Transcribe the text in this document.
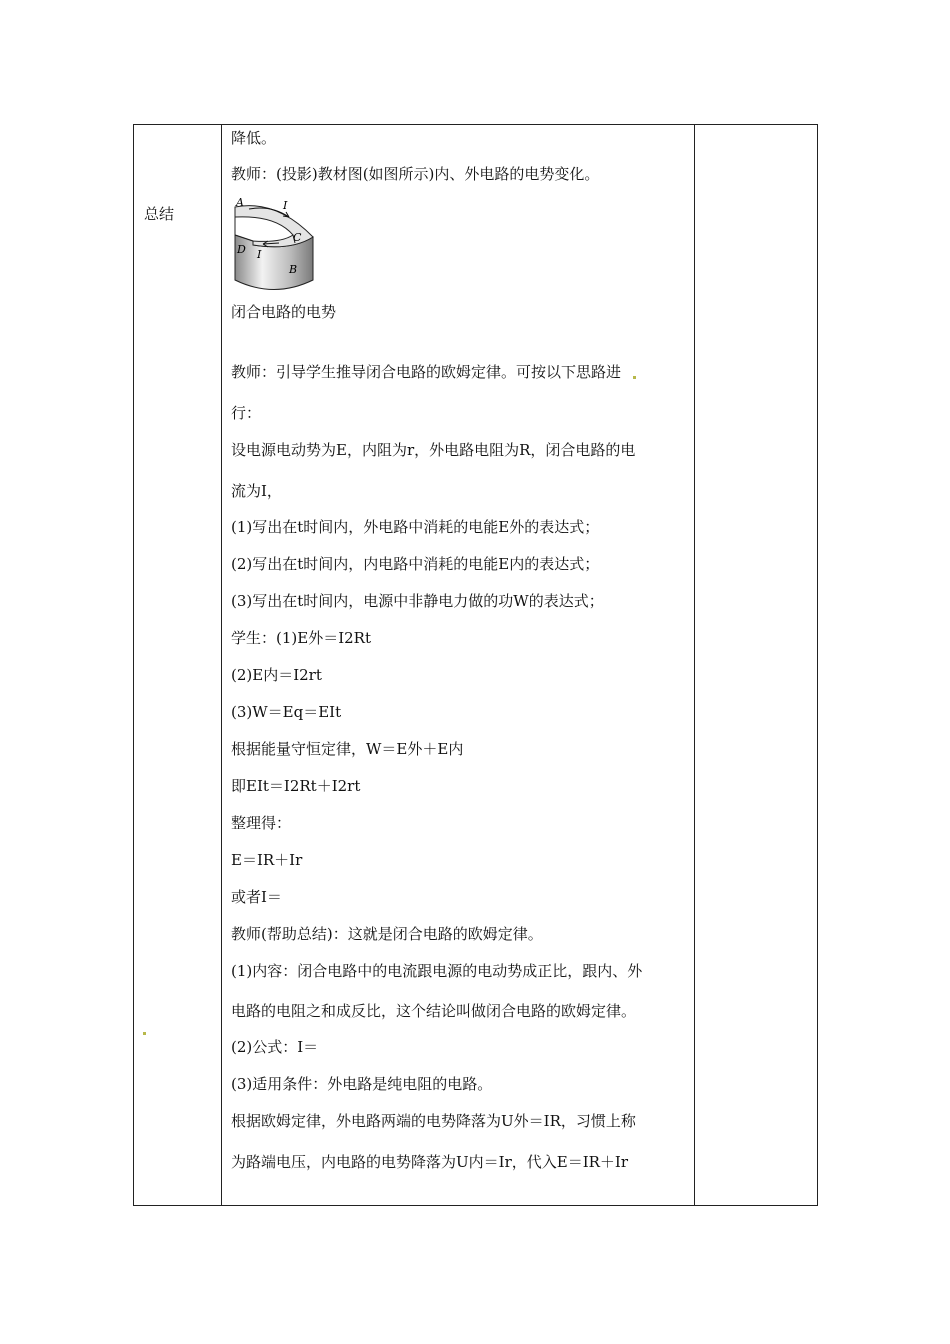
总结
降低。
教师：(投影)教材图(如图所示)内、外电路的电势变化。
A	I
C
D I
B
闭合电路的电势
教师：引导学生推导闭合电路的欧姆定律。可按以下思路进
行：
设电源电动势为E，内阻为r，外电路电阻为R，闭合电路的电
流为I，
(1)写出在t时间内，外电路中消耗的电能E外的表达式；
(2)写出在t时间内，内电路中消耗的电能E内的表达式；
(3)写出在t时间内，电源中非静电力做的功W的表达式；
学生：(1)E外＝I2Rt
(2)E内＝I2rt
(3)W＝Eq＝EIt
根据能量守恒定律，W＝E外＋E内
即EIt＝I2Rt＋I2rt
整理得：
E＝IR＋Ir
或者I＝
教师(帮助总结)：这就是闭合电路的欧姆定律。
(1)内容：闭合电路中的电流跟电源的电动势成正比，跟内、外
电路的电阻之和成反比，这个结论叫做闭合电路的欧姆定律。
(2)公式：I＝
(3)适用条件：外电路是纯电阻的电路。
根据欧姆定律，外电路两端的电势降落为U外＝IR，习惯上称
为路端电压，内电路的电势降落为U内＝Ir，代入E＝IR＋Ir
